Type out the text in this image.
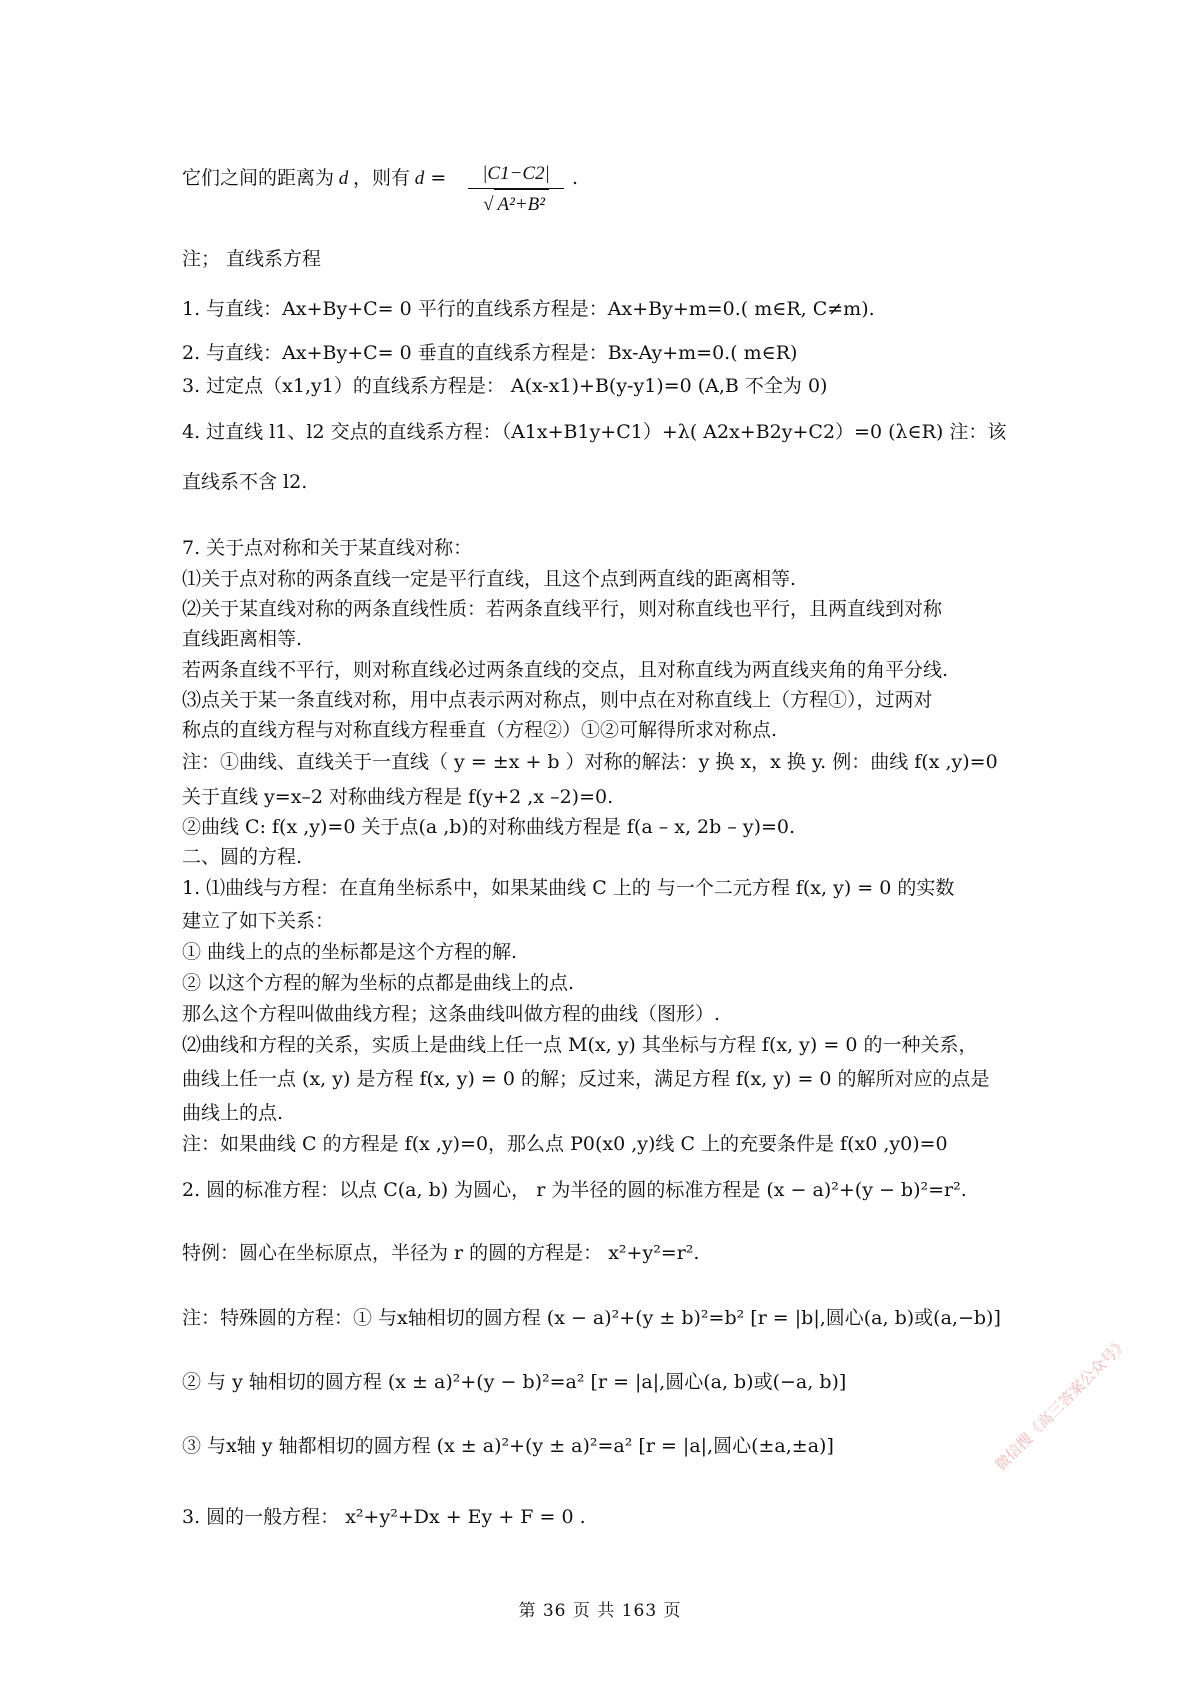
它们之间的距离为 d ，则有 $d = \frac{|C1-C2|}{\text{√ A²+B²}}$ .
注； 直线系方程
1. 与直线：Ax+By+C= 0 平行的直线系方程是：Ax+By+m=0.( m∈R, C≠m).
2. 与直线：Ax+By+C= 0 垂直的直线系方程是：Bx-Ay+m=0.( m∈R)
3. 过定点（x1,y1）的直线系方程是： A(x-x1)+B(y-y1)=0 (A,B 不全为 0)
4. 过直线 l1、l2 交点的直线系方程：（A1x+B1y+C1）+λ( A2x+B2y+C2）=0 (λ∈R) 注：该
直线系不含 l2.
7. 关于点对称和关于某直线对称：
⑴关于点对称的两条直线一定是平行直线，且这个点到两直线的距离相等.
⑵关于某直线对称的两条直线性质：若两条直线平行，则对称直线也平行，且两直线到对称
直线距离相等.
若两条直线不平行，则对称直线必过两条直线的交点，且对称直线为两直线夹角的角平分线.
⑶点关于某一条直线对称，用中点表示两对称点，则中点在对称直线上（方程①），过两对
称点的直线方程与对称直线方程垂直（方程②）①②可解得所求对称点.
注：①曲线、直线关于一直线（ y = ±x + b ）对称的解法：y 换 x，x 换 y. 例：曲线 f(x ,y)=0
关于直线 y=x–2 对称曲线方程是 f(y+2 ,x –2)=0.
②曲线 C: f(x ,y)=0 关于点(a ,b)的对称曲线方程是 f(a – x, 2b – y)=0.
二、圆的方程.
1. ⑴曲线与方程：在直角坐标系中，如果某曲线 C 上的 与一个二元方程 f(x, y) = 0 的实数
建立了如下关系：
① 曲线上的点的坐标都是这个方程的解.
② 以这个方程的解为坐标的点都是曲线上的点.
那么这个方程叫做曲线方程；这条曲线叫做方程的曲线（图形）.
⑵曲线和方程的关系，实质上是曲线上任一点 M(x, y) 其坐标与方程 f(x, y) = 0 的一种关系，
曲线上任一点 (x, y) 是方程 f(x, y) = 0 的解；反过来，满足方程 f(x, y) = 0 的解所对应的点是
曲线上的点.
注：如果曲线 C 的方程是 f(x ,y)=0，那么点 P0(x0 ,y)线 C 上的充要条件是 f(x0 ,y0)=0
2. 圆的标准方程：以点 C(a, b) 为圆心， r 为半径的圆的标准方程是 (x − a)²+(y − b)²=r².
特例：圆心在坐标原点，半径为 r 的圆的方程是： x²+y²=r².
注：特殊圆的方程：① 与x轴相切的圆方程 (x − a)²+(y ± b)²=b² [r = |b|,圆心(a, b)或(a,−b)]
② 与 y 轴相切的圆方程 (x ± a)²+(y − b)²=a² [r = |a|,圆心(a, b)或(−a, b)]
③ 与x轴 y 轴都相切的圆方程 (x ± a)²+(y ± a)²=a² [r = |a|,圆心(±a,±a)]
3. 圆的一般方程： x²+y²+Dx + Ey + F = 0 .
第 36 页 共 163 页
微信搜《高三答案公众号》
